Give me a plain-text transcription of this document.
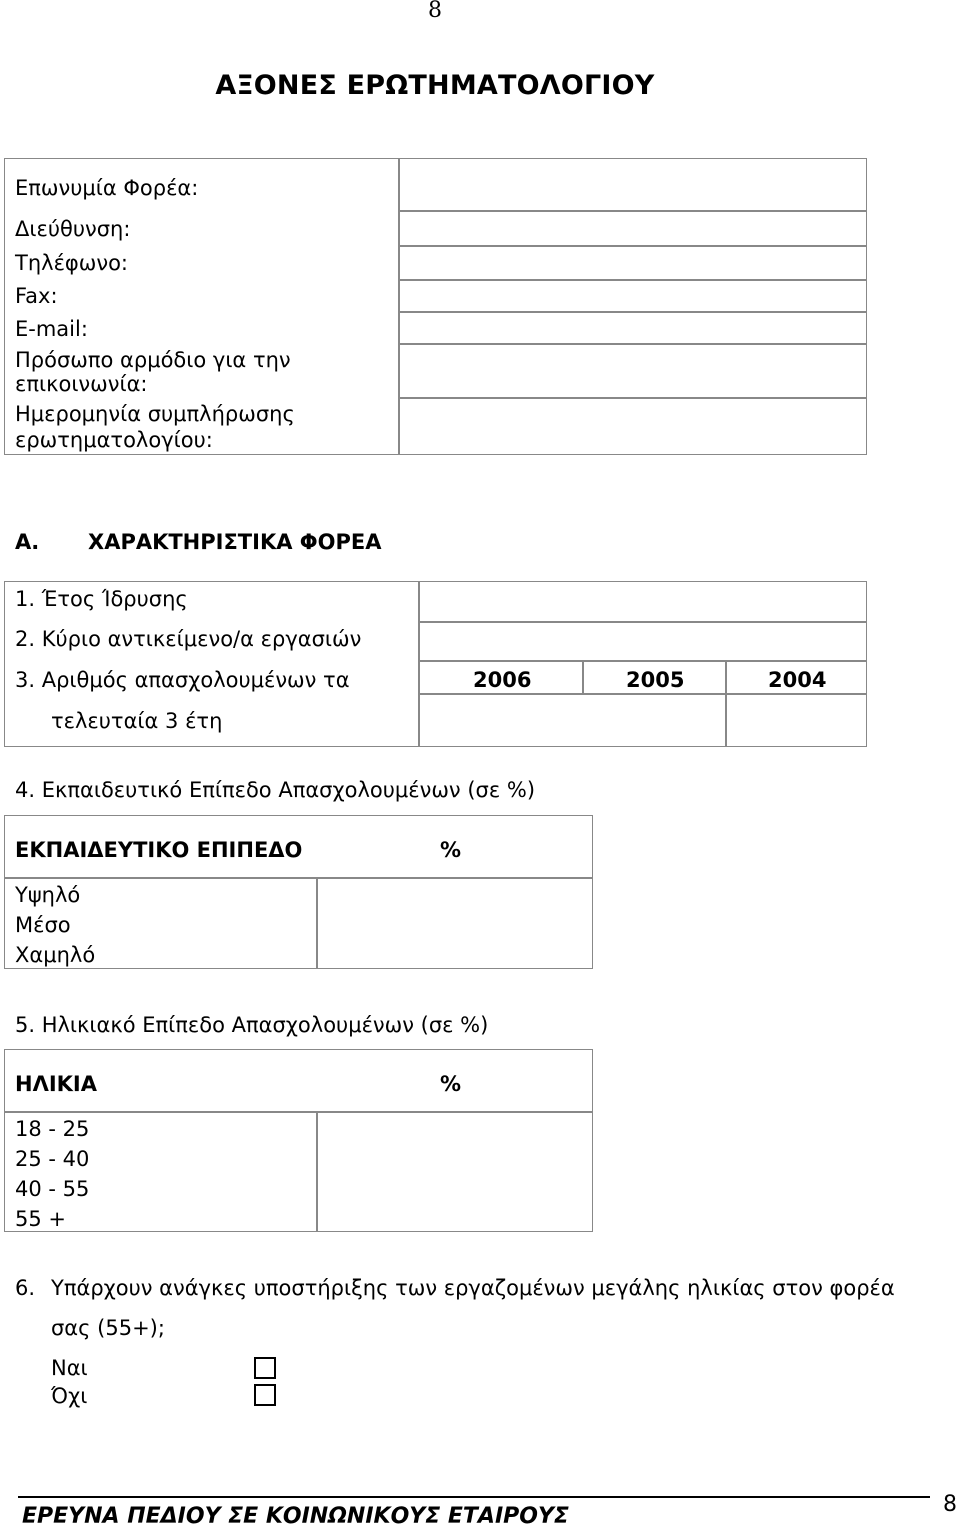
8
ΑΞΟΝΕΣ ΕΡΩΤΗΜΑΤΟΛΟΓΙΟΥ
Επωνυμία Φορέα:
Διεύθυνση:
Τηλέφωνο:
Fax:
E-mail:
Πρόσωπο αρμόδιο για την
επικοινωνία:
Ημερομηνία συμπλήρωσης
ερωτηματολογίου:
Α. ΧΑΡΑΚΤΗΡΙΣΤΙΚΑ ΦΟΡΕΑ
1. Έτος Ίδρυσης
2. Κύριο αντικείμενο/α εργασιών
3. Αριθμός απασχολουμένων τα
τελευταία 3 έτη
2006	2005	2004
4. Εκπαιδευτικό Επίπεδο Απασχολουμένων (σε %)
ΕΚΠΑΙΔΕΥΤΙΚΟ ΕΠΙΠΕΔΟ	%
Υψηλό
Μέσο
Χαμηλό
5. Ηλικιακό Επίπεδο Απασχολουμένων (σε %)
ΗΛΙΚΙΑ	%
18 - 25
25 - 40
40 - 55
55 +
6. Υπάρχουν ανάγκες υποστήριξης των εργαζομένων μεγάλης ηλικίας στον φορέα
σας (55+);
Ναι
Όχι
ΕΡΕΥΝΑ ΠΕΔΙΟΥ ΣΕ ΚΟΙΝΩΝΙΚΟΥΣ ΕΤΑΙΡΟΥΣ	8
